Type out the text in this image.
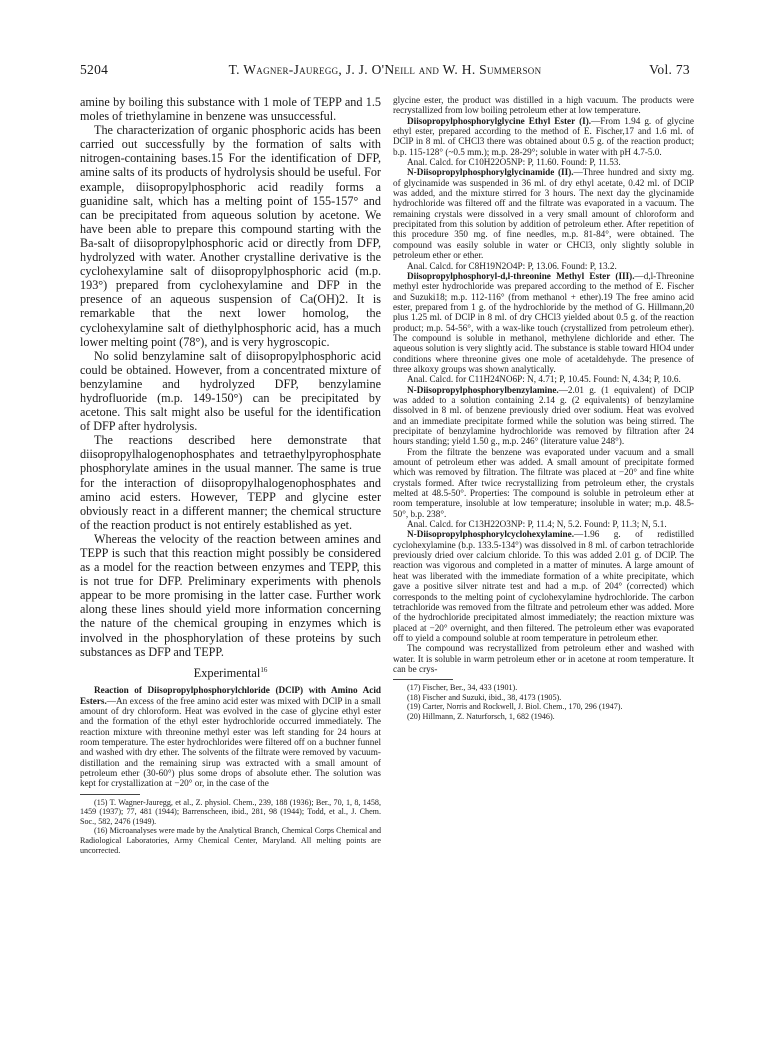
5204	T. Wagner-Jauregg, J. J. O'Neill and W. H. Summerson	Vol. 73

amine by boiling this substance with 1 mole of TEPP and 1.5 moles of triethylamine in benzene was unsuccessful.

The characterization of organic phosphoric acids has been carried out successfully by the formation of salts with nitrogen-containing bases.15 For the identification of DFP, amine salts of its products of hydrolysis should be useful. For example, diisopropylphosphoric acid readily forms a guanidine salt, which has a melting point of 155-157° and can be precipitated from aqueous solution by acetone. We have been able to prepare this compound starting with the Ba-salt of diisopropylphosphoric acid or directly from DFP, hydrolyzed with water. Another crystalline derivative is the cyclohexylamine salt of diisopropylphosphoric acid (m.p. 193°) prepared from cyclohexylamine and DFP in the presence of an aqueous suspension of Ca(OH)2. It is remarkable that the next lower homolog, the cyclohexylamine salt of diethylphosphoric acid, has a much lower melting point (78°), and is very hygroscopic.

No solid benzylamine salt of diisopropylphosphoric acid could be obtained. However, from a concentrated mixture of benzylamine and hydrolyzed DFP, benzylamine hydrofluoride (m.p. 149-150°) can be precipitated by acetone. This salt might also be useful for the identification of DFP after hydrolysis.

The reactions described here demonstrate that diisopropylhalogenophosphates and tetraethylpyrophosphate phosphorylate amines in the usual manner. The same is true for the interaction of diisopropylhalogenophosphates and amino acid esters. However, TEPP and glycine ester obviously react in a different manner; the chemical structure of the reaction product is not entirely established as yet.

Whereas the velocity of the reaction between amines and TEPP is such that this reaction might possibly be considered as a model for the reaction between enzymes and TEPP, this is not true for DFP. Preliminary experiments with phenols appear to be more promising in the latter case. Further work along these lines should yield more information concerning the nature of the chemical grouping in enzymes which is involved in the phosphorylation of these proteins by such substances as DFP and TEPP.

Experimental$^{16}$

Reaction of Diisopropylphosphorylchloride (DClP) with Amino Acid Esters.—An excess of the free amino acid ester was mixed with DClP in a small amount of dry chloroform. Heat was evolved in the case of glycine ethyl ester and the formation of the ethyl ester hydrochloride occurred immediately. The reaction mixture with threonine methyl ester was left standing for 24 hours at room temperature. The ester hydrochlorides were filtered off on a buchner funnel and washed with dry ether. The solvents of the filtrate were removed by vacuum-distillation and the remaining sirup was extracted with a small amount of petroleum ether (30-60°) plus some drops of absolute ether. The solution was kept for crystallization at −20° or, in the case of the

(15) T. Wagner-Jauregg, et al., Z. physiol. Chem., 239, 188 (1936); Ber., 70, 1, 8, 1458, 1459 (1937); 77, 481 (1944); Barrenscheen, ibid., 281, 98 (1944); Todd, et al., J. Chem. Soc., 582, 2476 (1949).

(16) Microanalyses were made by the Analytical Branch, Chemical Corps Chemical and Radiological Laboratories, Army Chemical Center, Maryland. All melting points are uncorrected.

glycine ester, the product was distilled in a high vacuum. The products were recrystallized from low boiling petroleum ether at low temperature.

Diisopropylphosphorylglycine Ethyl Ester (I).—From 1.94 g. of glycine ethyl ester, prepared according to the method of E. Fischer,17 and 1.6 ml. of DClP in 8 ml. of CHCl3 there was obtained about 0.5 g. of the reaction product; b.p. 115-128° (~0.5 mm.); m.p. 28-29°; soluble in water with pH 4.7-5.0.

Anal. Calcd. for C10H22O5NP: P, 11.60. Found: P, 11.53.

N-Diisopropylphosphorylglycinamide (II).—Three hundred and sixty mg. of glycinamide was suspended in 36 ml. of dry ethyl acetate, 0.42 ml. of DClP was added, and the mixture stirred for 3 hours. The next day the glycinamide hydrochloride was filtered off and the filtrate was evaporated in a vacuum. The remaining crystals were dissolved in a very small amount of chloroform and precipitated from this solution by addition of petroleum ether. After repetition of this procedure 350 mg. of fine needles, m.p. 81-84°, were obtained. The compound was easily soluble in water or CHCl3, only slightly soluble in petroleum ether or ether.

Anal. Calcd. for C8H19N2O4P: P, 13.06. Found: P, 13.2.

Diisopropylphosphoryl-d,l-threonine Methyl Ester (III).—d,l-Threonine methyl ester hydrochloride was prepared according to the method of E. Fischer and Suzuki18; m.p. 112-116° (from methanol + ether).19 The free amino acid ester, prepared from 1 g. of the hydrochloride by the method of G. Hillmann,20 plus 1.25 ml. of DClP in 8 ml. of dry CHCl3 yielded about 0.5 g. of the reaction product; m.p. 54-56°, with a wax-like touch (crystallized from petroleum ether). The compound is soluble in methanol, methylene dichloride and ether. The aqueous solution is very slightly acid. The substance is stable toward HIO4 under conditions where threonine gives one mole of acetaldehyde. The presence of three alkoxy groups was shown analytically.

Anal. Calcd. for C11H24NO6P: N, 4.71; P, 10.45. Found: N, 4.34; P, 10.6.

N-Diisopropylphosphorylbenzylamine.—2.01 g. (1 equivalent) of DClP was added to a solution containing 2.14 g. (2 equivalents) of benzylamine dissolved in 8 ml. of benzene previously dried over sodium. Heat was evolved and an immediate precipitate formed while the solution was being stirred. The precipitate of benzylamine hydrochloride was removed by filtration after 24 hours standing; yield 1.50 g., m.p. 246° (literature value 248°).

From the filtrate the benzene was evaporated under vacuum and a small amount of petroleum ether was added. A small amount of precipitate formed which was removed by filtration. The filtrate was placed at −20° and fine white crystals formed. After twice recrystallizing from petroleum ether, the crystals melted at 48.5-50°. Properties: The compound is soluble in petroleum ether at room temperature, insoluble at low temperature; insoluble in water; m.p. 48.5-50°, b.p. 238°.

Anal. Calcd. for C13H22O3NP: P, 11.4; N, 5.2. Found: P, 11.3; N, 5.1.

N-Diisopropylphosphorylcyclohexylamine.—1.96 g. of redistilled cyclohexylamine (b.p. 133.5-134°) was dissolved in 8 ml. of carbon tetrachloride previously dried over calcium chloride. To this was added 2.01 g. of DClP. The reaction was vigorous and completed in a matter of minutes. A large amount of heat was liberated with the immediate formation of a white precipitate, which gave a positive silver nitrate test and had a m.p. of 204° (corrected) which corresponds to the melting point of cyclohexylamine hydrochloride. The carbon tetrachloride was removed from the filtrate and petroleum ether was added. More of the hydrochloride precipitated almost immediately; the reaction mixture was placed at −20° overnight, and then filtered. The petroleum ether was evaporated off to yield a compound soluble at room temperature in petroleum ether.

The compound was recrystallized from petroleum ether and washed with water. It is soluble in warm petroleum ether or in acetone at room temperature. It can be crys-

(17) Fischer, Ber., 34, 433 (1901).

(18) Fischer and Suzuki, ibid., 38, 4173 (1905).

(19) Carter, Norris and Rockwell, J. Biol. Chem., 170, 296 (1947).

(20) Hillmann, Z. Naturforsch, 1, 682 (1946).
